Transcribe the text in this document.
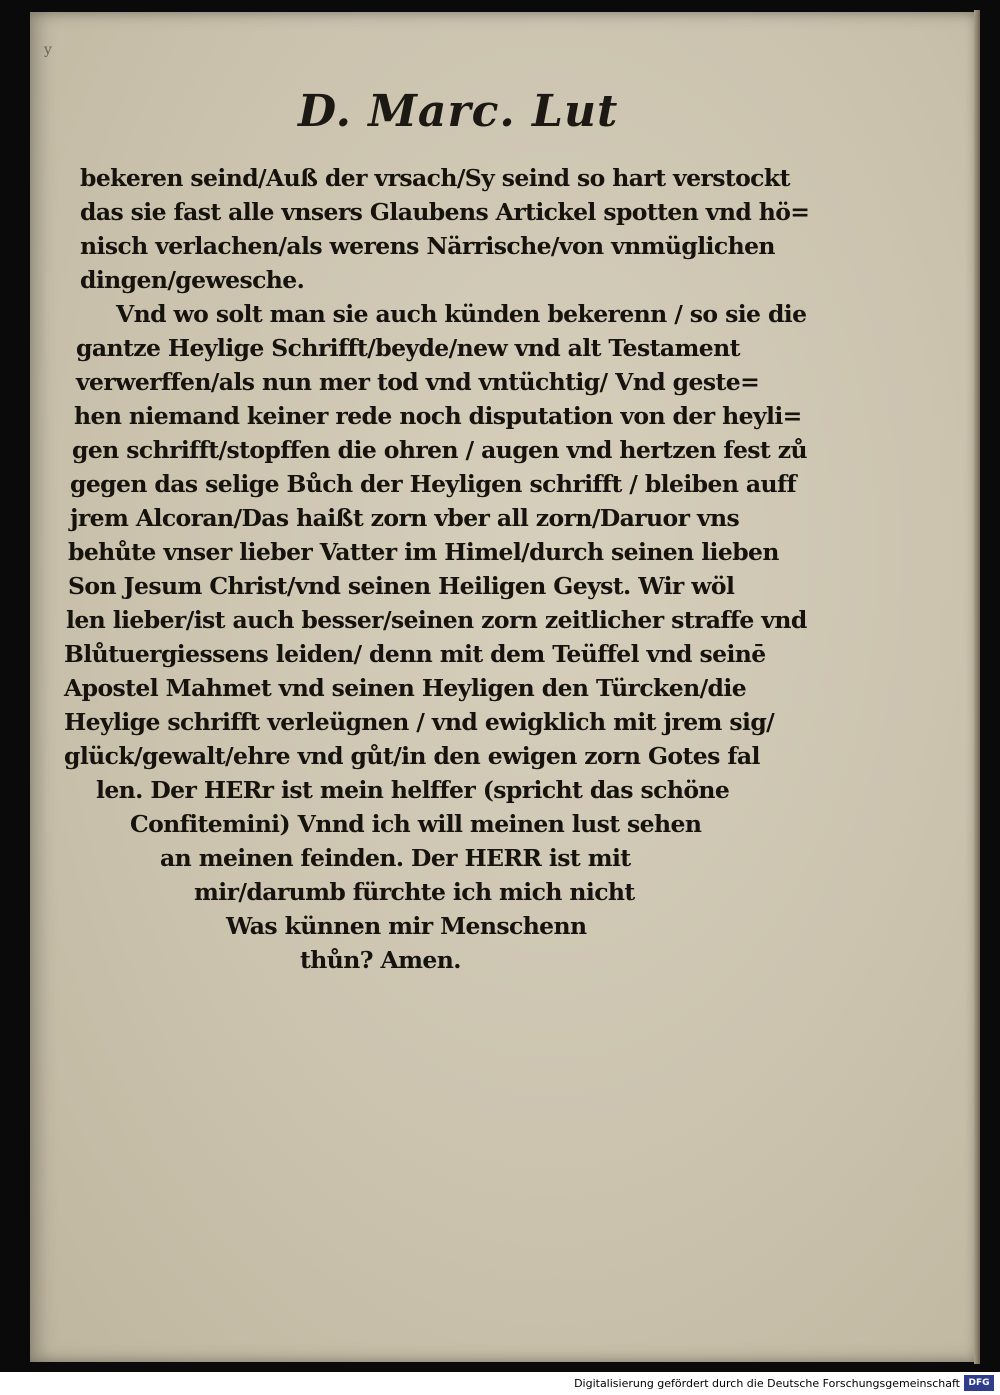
y
D. Marc. Lut
bekeren seind/Auß der vrsach/Sy seind so hart verstockt
das sie fast alle vnsers Glaubens Artickel spotten vnd hö=
nisch verlachen/als werens Närrische/von vnmüglichen
dingen/gewesche.
Vnd wo solt man sie auch künden bekerenn / so sie die
gantze Heylige Schrifft/beyde/new vnd alt Testament
verwerffen/als nun mer tod vnd vntüchtig/ Vnd geste=
hen niemand keiner rede noch disputation von der heyli=
gen schrifft/stopffen die ohren / augen vnd hertzen fest zů
gegen das selige Bůch der Heyligen schrifft / bleiben auff
jrem Alcoran/Das haißt zorn vber all zorn/Daruor vns
behůte vnser lieber Vatter im Himel/durch seinen lieben
Son Jesum Christ/vnd seinen Heiligen Geyst. Wir wöl
len lieber/ist auch besser/seinen zorn zeitlicher straffe vnd
Blůtuergiessens leiden/ denn mit dem Teüffel vnd seinē
Apostel Mahmet vnd seinen Heyligen den Türcken/die
Heylige schrifft verleügnen / vnd ewigklich mit jrem sig/
glück/gewalt/ehre vnd gůt/in den ewigen zorn Gotes fal
len. Der HERr ist mein helffer (spricht das schöne
Confitemini) Vnnd ich will meinen lust sehen
an meinen feinden. Der HERR ist mit
mir/darumb fürchte ich mich nicht
Was künnen mir Menschenn
thůn? Amen.
Digitalisierung gefördert durch die Deutsche Forschungsgemeinschaft DFG
